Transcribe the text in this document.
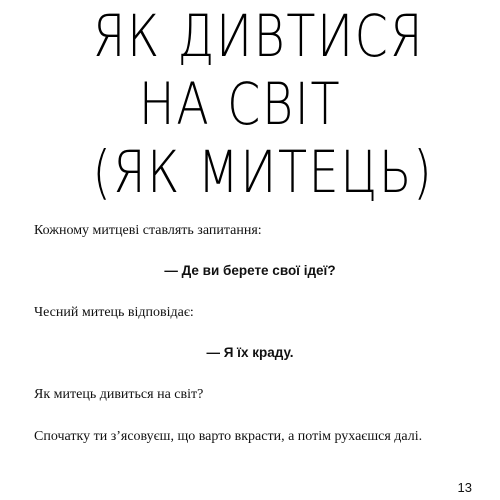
ЯК ДИВТИСЯ
НА СВІТ
(ЯК МИТЕЦЬ)

Кожному митцеві ставлять запитання:

— Де ви берете свої ідеї?

Чесний митець відповідає:

— Я їх краду.

Як митець дивиться на світ?

Спочатку ти з’ясовуєш, що варто вкрасти, а потім рухаєшся далі.

13
